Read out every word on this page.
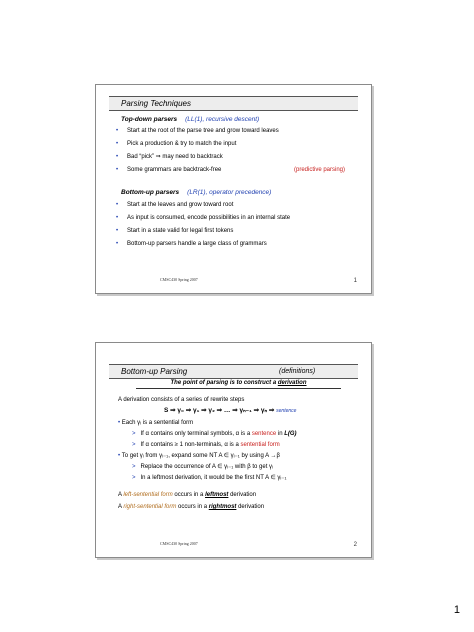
Parsing Techniques
Top-down parsers (LL(1), recursive descent)
• Start at the root of the parse tree and grow toward leaves
• Pick a production & try to match the input
• Bad “pick” ⇒ may need to backtrack
• Some grammars are backtrack-free	(predictive parsing)
Bottom-up parsers (LR(1), operator precedence)
• Start at the leaves and grow toward root
• As input is consumed, encode possibilities in an internal state
• Start in a state valid for legal first tokens
• Bottom-up parsers handle a large class of grammars
CMSC430 Spring 2007	1
Bottom-up Parsing	(definitions)
The point of parsing is to construct a derivation
A derivation consists of a series of rewrite steps
S ⇒ γ₀ ⇒ γ₁ ⇒ γ₂ ⇒ … ⇒ γₙ₋₁ ⇒ γₙ ⇒ sentence
• Each γᵢ is a sentential form
> If α contains only terminal symbols, α is a sentence in L(G)
> If α contains ≥ 1 non-terminals, α is a sentential form
• To get γᵢ from γᵢ₋₁, expand some NT A ∈ γᵢ₋₁ by using A →β
> Replace the occurrence of A ∈ γᵢ₋₁ with β to get γᵢ
> In a leftmost derivation, it would be the first NT A ∈ γᵢ₋₁
A left-sentential form occurs in a leftmost derivation
A right-sentential form occurs in a rightmost derivation
CMSC430 Spring 2007	2
1
